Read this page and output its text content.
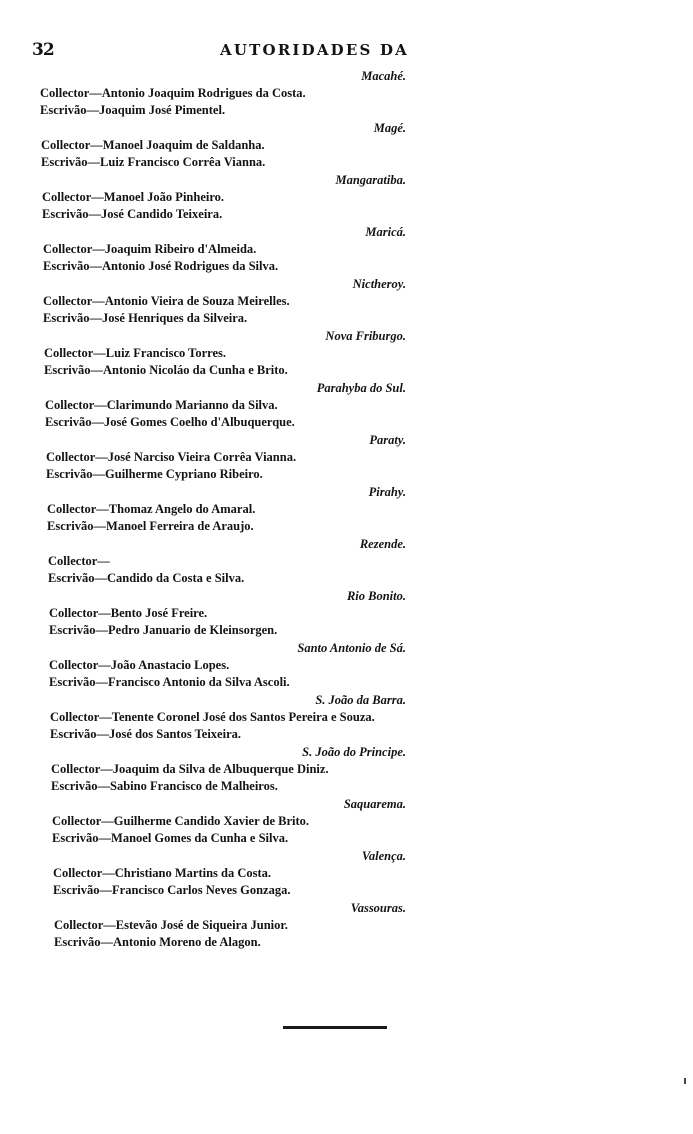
32	AUTORIDADES DA
Macahé.
Collector—Antonio Joaquim Rodrigues da Costa.
Escrivão—Joaquim José Pimentel.
Magé.
Collector—Manoel Joaquim de Saldanha.
Escrivão—Luiz Francisco Corrêa Vianna.
Mangaratiba.
Collector—Manoel João Pinheiro.
Escrivão—José Candido Teixeira.
Maricá.
Collector—Joaquim Ribeiro d'Almeida.
Escrivão—Antonio José Rodrigues da Silva.
Nictheroy.
Collector—Antonio Vieira de Souza Meirelles.
Escrivão—José Henriques da Silveira.
Nova Friburgo.
Collector—Luiz Francisco Torres.
Escrivão—Antonio Nicoláo da Cunha e Brito.
Parahyba do Sul.
Collector—Clarimundo Marianno da Silva.
Escrivão—José Gomes Coelho d'Albuquerque.
Paraty.
Collector—José Narciso Vieira Corrêa Vianna.
Escrivão—Guilherme Cypriano Ribeiro.
Pirahy.
Collector—Thomaz Angelo do Amaral.
Escrivão—Manoel Ferreira de Araujo.
Rezende.
Collector—
Escrivão—Candido da Costa e Silva.
Rio Bonito.
Collector—Bento José Freire.
Escrivão—Pedro Januario de Kleinsorgen.
Santo Antonio de Sá.
Collector—João Anastacio Lopes.
Escrivão—Francisco Antonio da Silva Ascoli.
S. João da Barra.
Collector—Tenente Coronel José dos Santos Pereira e Souza.
Escrivão—José dos Santos Teixeira.
S. João do Principe.
Collector—Joaquim da Silva de Albuquerque Diniz.
Escrivão—Sabino Francisco de Malheiros.
Saquarema.
Collector—Guilherme Candido Xavier de Brito.
Escrivão—Manoel Gomes da Cunha e Silva.
Valença.
Collector—Christiano Martins da Costa.
Escrivão—Francisco Carlos Neves Gonzaga.
Vassouras.
Collector—Estevão José de Siqueira Junior.
Escrivão—Antonio Moreno de Alagon.
